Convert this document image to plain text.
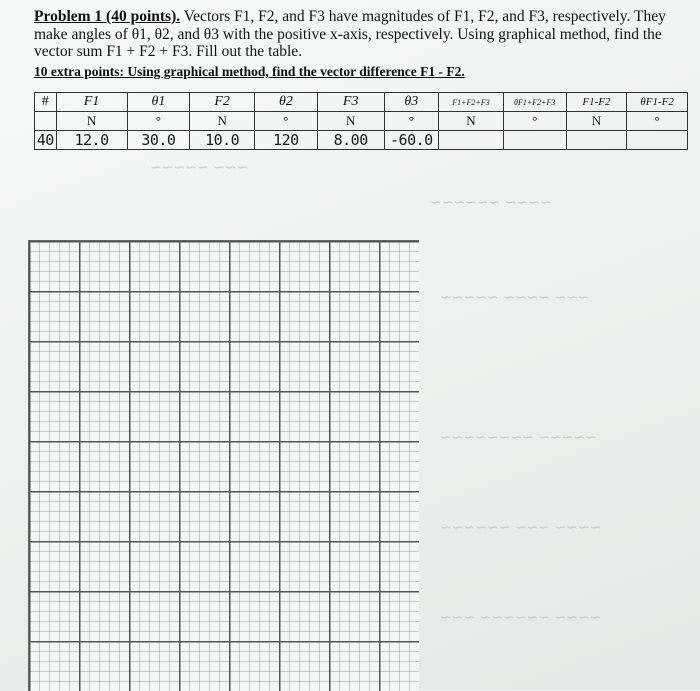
Problem 1 (40 points). Vectors F1, F2, and F3 have magnitudes of F1, F2, and F3, respectively. They make angles of θ1, θ2, and θ3 with the positive x-axis, respectively. Using graphical method, find the vector sum F1 + F2 + F3. Fill out the table.
10 extra points: Using graphical method, find the vector difference F1 - F2.
#	F1	θ1	F2	θ2	F3	θ3	F1+F2+F3	θF1+F2+F3	F1-F2	θF1-F2
	N	°	N	°	N	°	N	°	N	°
40	12.0	30.0	10.0	120	8.00	-60.0				
~~~ ~~~~~
~~~~ ~~~~~~
~~~ ~~~~ ~~~~~
~~~~~ ~~~~~~~~
~~~~ ~~~ ~~~~~~
~~~~ ~~~~~~ ~~~
